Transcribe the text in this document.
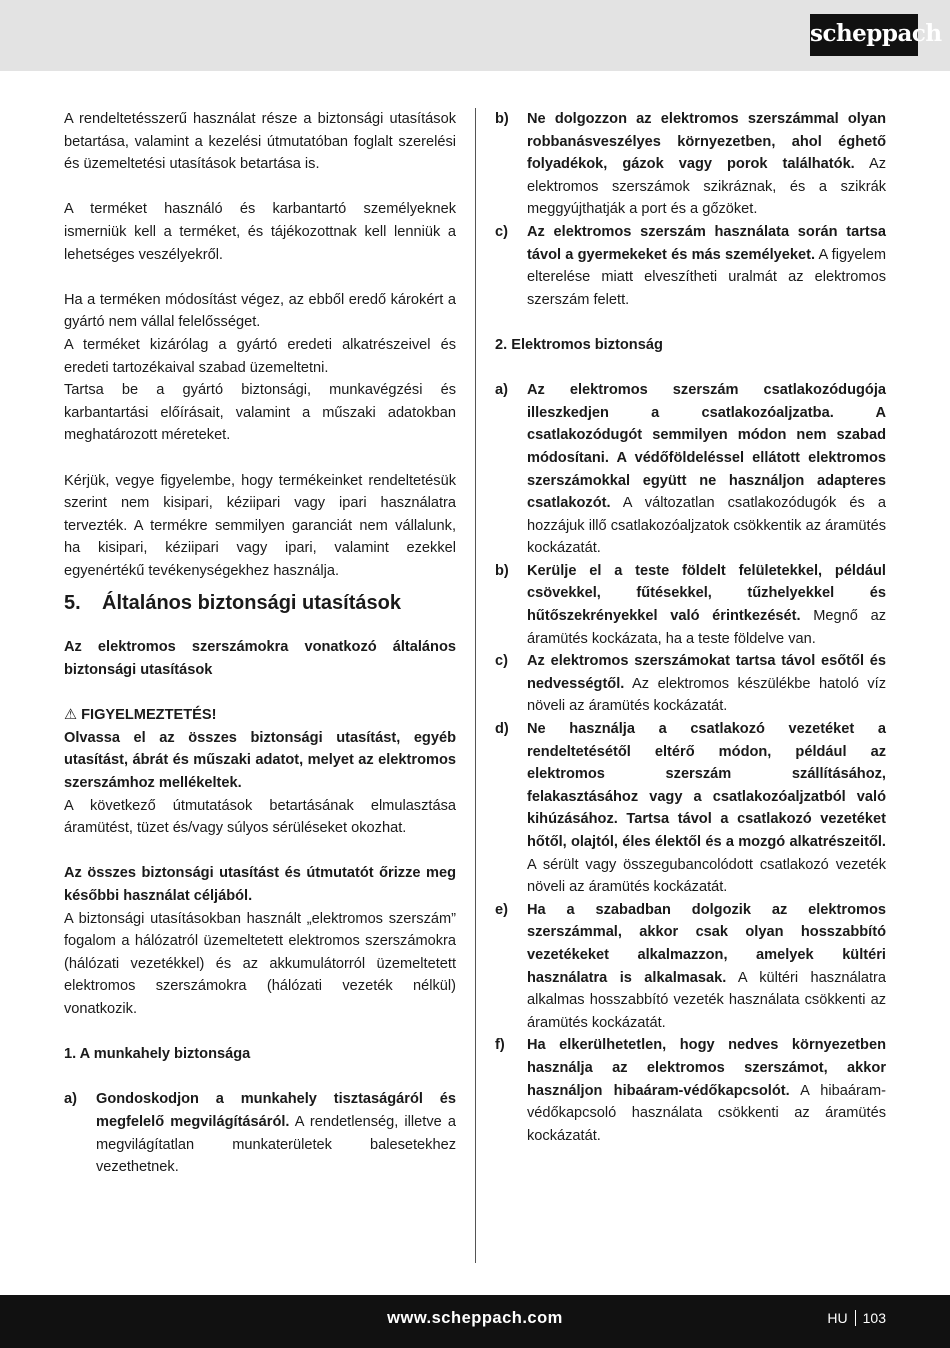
scheppach

A rendeltetésszerű használat része a biztonsági utasítások betartása, valamint a kezelési útmutatóban foglalt szerelési és üzemeltetési utasítások betartása is.

A terméket használó és karbantartó személyeknek ismerniük kell a terméket, és tájékozottnak kell lenniük a lehetséges veszélyekről.

Ha a terméken módosítást végez, az ebből eredő károkért a gyártó nem vállal felelősséget.

A terméket kizárólag a gyártó eredeti alkatrészeivel és eredeti tartozékaival szabad üzemeltetni.

Tartsa be a gyártó biztonsági, munkavégzési és karbantartási előírásait, valamint a műszaki adatokban meghatározott méreteket.

Kérjük, vegye figyelembe, hogy termékeinket rendeltetésük szerint nem kisipari, kéziipari vagy ipari használatra tervezték. A termékre semmilyen garanciát nem vállalunk, ha kisipari, kéziipari vagy ipari, valamint ezekkel egyenértékű tevékenységekhez használja.

5.	Általános biztonsági utasítások

Az elektromos szerszámokra vonatkozó általános biztonsági utasítások

⚠ FIGYELMEZTETÉS!

Olvassa el az összes biztonsági utasítást, egyéb utasítást, ábrát és műszaki adatot, melyet az elektromos szerszámhoz mellékeltek.

A következő útmutatások betartásának elmulasztása áramütést, tüzet és/vagy súlyos sérüléseket okozhat.

Az összes biztonsági utasítást és útmutatót őrizze meg későbbi használat céljából.

A biztonsági utasításokban használt „elektromos szerszám” fogalom a hálózatról üzemeltetett elektromos szerszámokra (hálózati vezetékkel) és az akkumulátorról üzemeltetett elektromos szerszámokra (hálózati vezeték nélkül) vonatkozik.

1. A munkahely biztonsága

a)	Gondoskodjon a munkahely tisztaságáról és megfelelő megvilágításáról. A rendetlenség, illetve a megvilágítatlan munkaterületek balesetekhez vezethetnek.

b)	Ne dolgozzon az elektromos szerszámmal olyan robbanásveszélyes környezetben, ahol éghető folyadékok, gázok vagy porok találhatók. Az elektromos szerszámok szikráznak, és a szikrák meggyújthatják a port és a gőzöket.

c)	Az elektromos szerszám használata során tartsa távol a gyermekeket és más személyeket. A figyelem elterelése miatt elveszítheti uralmát az elektromos szerszám felett.

2. Elektromos biztonság

a)	Az elektromos szerszám csatlakozódugója illeszkedjen a csatlakozóaljzatba. A csatlakozódugót semmilyen módon nem szabad módosítani. A védőföldeléssel ellátott elektromos szerszámokkal együtt ne használjon adapteres csatlakozót. A változatlan csatlakozódugók és a hozzájuk illő csatlakozóaljzatok csökkentik az áramütés kockázatát.

b)	Kerülje el a teste földelt felületekkel, például csövekkel, fűtésekkel, tűzhelyekkel és hűtőszekrényekkel való érintkezését. Megnő az áramütés kockázata, ha a teste földelve van.

c)	Az elektromos szerszámokat tartsa távol esőtől és nedvességtől. Az elektromos készülékbe hatoló víz növeli az áramütés kockázatát.

d)	Ne használja a csatlakozó vezetéket a rendeltetésétől eltérő módon, például az elektromos szerszám szállításához, felakasztásához vagy a csatlakozóaljzatból való kihúzásához. Tartsa távol a csatlakozó vezetéket hőtől, olajtól, éles élektől és a mozgó alkatrészeitől. A sérült vagy összegubancolódott csatlakozó vezeték növeli az áramütés kockázatát.

e)	Ha a szabadban dolgozik az elektromos szerszámmal, akkor csak olyan hosszabbító vezetékeket alkalmazzon, amelyek kültéri használatra is alkalmasak. A kültéri használatra alkalmas hosszabbító vezeték használata csökkenti az áramütés kockázatát.

f)	Ha elkerülhetetlen, hogy nedves környezetben használja az elektromos szerszámot, akkor használjon hibaáram-védőkapcsolót. A hibaáram-védőkapcsoló használata csökkenti az áramütés kockázatát.

www.scheppach.com	HU 103
